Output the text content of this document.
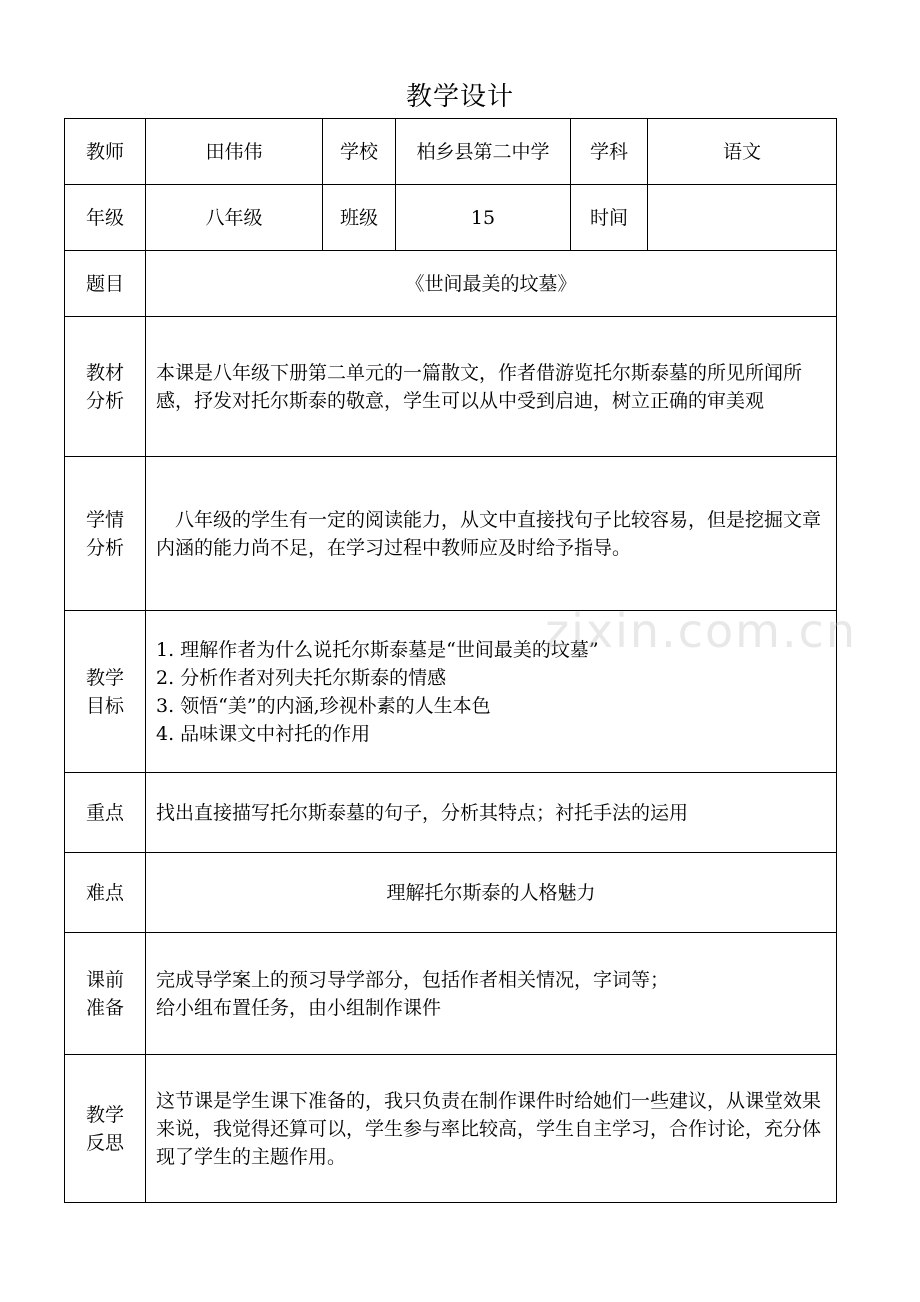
教学设计
教师	田伟伟	学校	柏乡县第二中学	学科	语文
年级	八年级	班级	15	时间	
题目	《世间最美的坟墓》				
教材
分析	本课是八年级下册第二单元的一篇散文，作者借游览托尔斯泰墓的所见所闻所感，抒发对托尔斯泰的敬意，学生可以从中受到启迪，树立正确的审美观				
学情
分析	八年级的学生有一定的阅读能力，从文中直接找句子比较容易，但是挖掘文章内涵的能力尚不足，在学习过程中教师应及时给予指导。				
教学
目标	1. 理解作者为什么说托尔斯泰墓是“世间最美的坟墓”
2. 分析作者对列夫托尔斯泰的情感
3. 领悟“美”的内涵,珍视朴素的人生本色
4. 品味课文中衬托的作用				

重点	找出直接描写托尔斯泰墓的句子，分析其特点；衬托手法的运用				
难点	理解托尔斯泰的人格魅力				
课前
准备	完成导学案上的预习导学部分，包括作者相关情况，字词等；
给小组布置任务，由小组制作课件				

教学
反思	这节课是学生课下准备的，我只负责在制作课件时给她们一些建议，从课堂效果来说，我觉得还算可以，学生参与率比较高，学生自主学习，合作讨论，充分体现了学生的主题作用。				
zixin.com.cn
